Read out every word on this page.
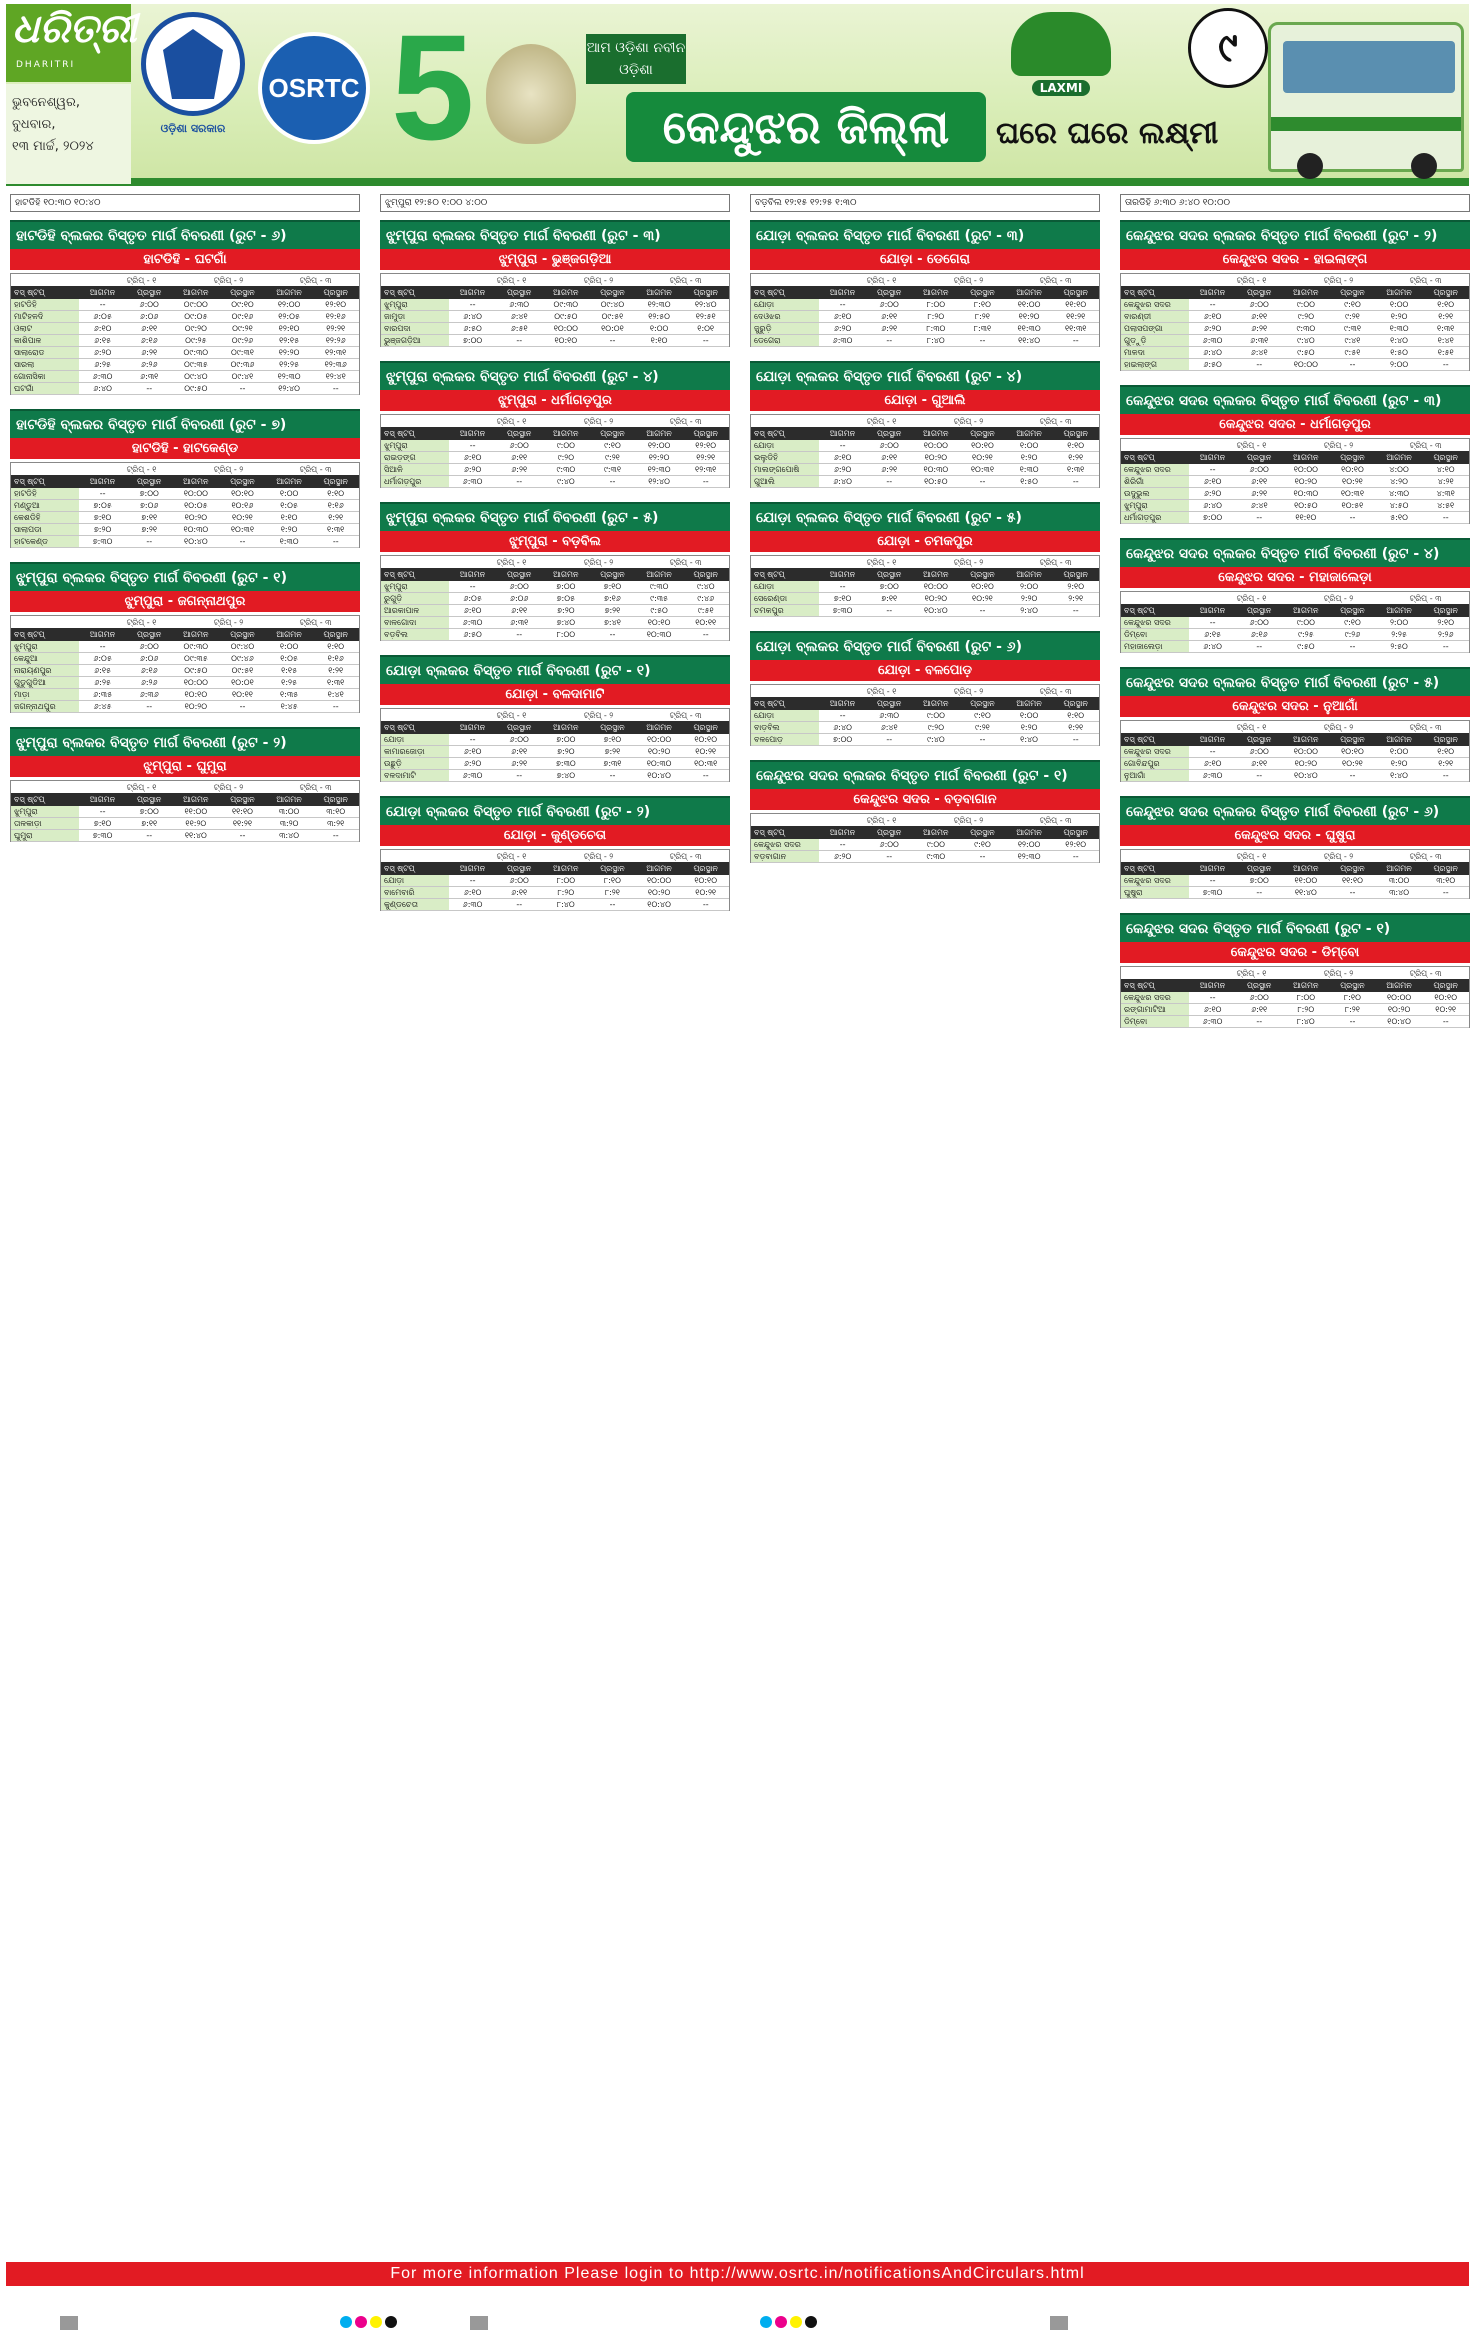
ଧରିତ୍ରୀ
DHARITRI
ଭୁବନେଶ୍ୱର, ବୁଧବାର,
୧୩ ମାର୍ଚ୍ଚ, ୨୦୨୪
ଓଡ଼ିଶା ସରକାର
OSRTC 5	ଆମ ଓଡ଼ିଶା ନବୀନ ଓଡ଼ିଶା
କେନ୍ଦୁଝର ଜିଲ୍ଲା
LAXMI
ଘରେ ଘରେ ଲକ୍ଷ୍ମୀ
୯
ହାଟଡିହି ୧୦:୩୦ ୧୦:୪୦
ହାଟଡିହି ବ୍ଲକର ବିସ୍ତୃତ ମାର୍ଗ ବିବରଣୀ (ରୁଟ - ୬)
ହାଟଡିହି - ଘଟଗାଁ
ଟ୍ରିପ୍ - ୧	ଟ୍ରିପ୍ - ୨	ଟ୍ରିପ୍ - ୩
ବସ୍ ଷ୍ଟପ୍	ଆଗମନ	ପ୍ରସ୍ଥାନ	ଆଗମନ	ପ୍ରସ୍ଥାନ	ଆଗମନ	ପ୍ରସ୍ଥାନ
ହାଟଡିହି	--	୬:୦୦	୦୯:୦୦	୦୯:୧୦	୧୨:୦୦	୧୨:୧୦
ମାଟିହଳଦି	୬:୦୫	୬:୦୬	୦୯:୦୫	୦୯:୧୬	୧୨:୦୫	୧୨:୧୬
ଓଲାଟ	୬:୧୦	୬:୧୧	୦୯:୨୦	୦୯:୨୧	୧୨:୧୦	୧୨:୨୧
କାଶିପାଳ	୬:୧୫	୬:୧୬	୦୯:୨୫	୦୯:୨୬	୧୨:୧୫	୧୨:୨୬
ସାଲାରୋଡ	୬:୨୦	୬:୨୧	୦୯:୩୦	୦୯:୩୧	୧୨:୨୦	୧୨:୩୧
ସାରଲା	୬:୨୫	୬:୨୬	୦୯:୩୫	୦୯:୩୬	୧୨:୨୫	୧୨:୩୬
ଗୋନାସିକା	୬:୩୦	୬:୩୧	୦୯:୪୦	୦୯:୪୧	୧୨:୩୦	୧୨:୪୧
ଘଟଗାଁ	୬:୪୦	--	୦୯:୫୦	--	୧୨:୪୦	--
ହାଟଡିହି ବ୍ଲକର ବିସ୍ତୃତ ମାର୍ଗ ବିବରଣୀ (ରୁଟ - ୭)
ହାଟଡିହି - ହାଟକେଣ୍ଡ
ଟ୍ରିପ୍ - ୧	ଟ୍ରିପ୍ - ୨	ଟ୍ରିପ୍ - ୩
ବସ୍ ଷ୍ଟପ୍	ଆଗମନ	ପ୍ରସ୍ଥାନ	ଆଗମନ	ପ୍ରସ୍ଥାନ	ଆଗମନ	ପ୍ରସ୍ଥାନ
ହାଟଡିହି	--	୭:୦୦	୧୦:୦୦	୧୦:୧୦	୧:୦୦	୧:୧୦
ମଣ୍ଡୁଆ	୭:୦୫	୭:୦୬	୧୦:୦୫	୧୦:୧୬	୧:୦୫	୧:୧୬
କେଶଡିହି	୭:୧୦	୭:୧୧	୧୦:୨୦	୧୦:୨୧	୧:୧୦	୧:୨୧
ସାଲାପଡା	୭:୨୦	୭:୨୧	୧୦:୩୦	୧୦:୩୧	୧:୨୦	୧:୩୧
ହାଟକେଣ୍ଡ	୭:୩୦	--	୧୦:୪୦	--	୧:୩୦	--
ଝୁମ୍ପୁରା ବ୍ଲକର ବିସ୍ତୃତ ମାର୍ଗ ବିବରଣୀ (ରୁଟ - ୧)
ଝୁମ୍ପୁରା - ଜଗନ୍ନାଥପୁର
ଟ୍ରିପ୍ - ୧	ଟ୍ରିପ୍ - ୨	ଟ୍ରିପ୍ - ୩
ବସ୍ ଷ୍ଟପ୍	ଆଗମନ	ପ୍ରସ୍ଥାନ	ଆଗମନ	ପ୍ରସ୍ଥାନ	ଆଗମନ	ପ୍ରସ୍ଥାନ
ଝୁମ୍ପୁରା	--	୬:୦୦	୦୯:୩୦	୦୯:୪୦	୧:୦୦	୧:୧୦
କେନ୍ଦୁଆ	୬:୦୫	୬:୦୬	୦୯:୩୫	୦୯:୪୬	୧:୦୫	୧:୧୬
ନାରାୟଣପୁର	୬:୧୫	୬:୧୬	୦୯:୫୦	୦୯:୫୧	୧:୧୫	୧:୨୧
ଗୁଡୁଗୁଡିଆ	୬:୨୫	୬:୨୬	୧୦:୦୦	୧୦:୦୧	୧:୨୫	୧:୩୧
ମାଡ଼ା	୬:୩୫	୬:୩୬	୧୦:୧୦	୧୦:୧୧	୧:୩୫	୧:୪୧
ଜଗନ୍ନାଥପୁର	୬:୪୫	--	୧୦:୨୦	--	୧:୪୫	--
ଝୁମ୍ପୁରା ବ୍ଲକର ବିସ୍ତୃତ ମାର୍ଗ ବିବରଣୀ (ରୁଟ - ୨)
ଝୁମ୍ପୁରା - ଘୁମୁରା
ଟ୍ରିପ୍ - ୧	ଟ୍ରିପ୍ - ୨	ଟ୍ରିପ୍ - ୩
ବସ୍ ଷ୍ଟପ୍	ଆଗମନ	ପ୍ରସ୍ଥାନ	ଆଗମନ	ପ୍ରସ୍ଥାନ	ଆଗମନ	ପ୍ରସ୍ଥାନ
ଝୁମ୍ପୁରା	--	୭:୦୦	୧୧:୦୦	୧୧:୧୦	୩:୦୦	୩:୧୦
ତାଳକାଡ଼ା	୭:୧୦	୭:୧୧	୧୧:୨୦	୧୧:୨୧	୩:୨୦	୩:୨୧
ଘୁମୁରା	୭:୩୦	--	୧୧:୪୦	--	୩:୪୦	--
ଝୁମ୍ପୁରା ୧୨:୫୦ ୧:୦୦ ୪:୦୦
ଝୁମ୍ପୁରା ବ୍ଲକର ବିସ୍ତୃତ ମାର୍ଗ ବିବରଣୀ (ରୁଟ - ୩)
ଝୁମ୍ପୁରା - ଭୁଞ୍ଜଗଡ଼ିଆ
ଟ୍ରିପ୍ - ୧	ଟ୍ରିପ୍ - ୨	ଟ୍ରିପ୍ - ୩
ବସ୍ ଷ୍ଟପ୍	ଆଗମନ	ପ୍ରସ୍ଥାନ	ଆଗମନ	ପ୍ରସ୍ଥାନ	ଆଗମନ	ପ୍ରସ୍ଥାନ
ଝୁମ୍ପୁରା	--	୬:୩୦	୦୯:୩୦	୦୯:୪୦	୧୨:୩୦	୧୨:୪୦
ଜାମୁଡ଼ା	୬:୪୦	୬:୪୧	୦୯:୫୦	୦୯:୫୧	୧୨:୫୦	୧୨:୫୧
ବାରପଦା	୬:୫୦	୬:୫୧	୧୦:୦୦	୧୦:୦୧	୧:୦୦	୧:୦୧
ଭୁଞ୍ଜଗଡ଼ିଆ	୭:୦୦	--	୧୦:୧୦	--	୧:୧୦	--
ଝୁମ୍ପୁରା ବ୍ଲକର ବିସ୍ତୃତ ମାର୍ଗ ବିବରଣୀ (ରୁଟ - ୪)
ଝୁମ୍ପୁରା - ଧର୍ମାଗଡ଼ପୁର
ଟ୍ରିପ୍ - ୧	ଟ୍ରିପ୍ - ୨	ଟ୍ରିପ୍ - ୩
ବସ୍ ଷ୍ଟପ୍	ଆଗମନ	ପ୍ରସ୍ଥାନ	ଆଗମନ	ପ୍ରସ୍ଥାନ	ଆଗମନ	ପ୍ରସ୍ଥାନ
ଝୁମ୍ପୁରା	--	୬:୦୦	୯:୦୦	୯:୧୦	୧୨:୦୦	୧୨:୧୦
ରାଇଡ଼ଙ୍ଗ	୬:୧୦	୬:୧୧	୯:୨୦	୯:୨୧	୧୨:୨୦	୧୨:୨୧
ସିଆଳି	୬:୨୦	୬:୨୧	୯:୩୦	୯:୩୧	୧୨:୩୦	୧୨:୩୧
ଧର୍ମାଗଡ଼ପୁର	୬:୩୦	--	୯:୪୦	--	୧୨:୪୦	--
ଝୁମ୍ପୁରା ବ୍ଲକର ବିସ୍ତୃତ ମାର୍ଗ ବିବରଣୀ (ରୁଟ - ୫)
ଝୁମ୍ପୁରା - ବଡ଼ବିଲ
ଟ୍ରିପ୍ - ୧	ଟ୍ରିପ୍ - ୨	ଟ୍ରିପ୍ - ୩
ବସ୍ ଷ୍ଟପ୍	ଆଗମନ	ପ୍ରସ୍ଥାନ	ଆଗମନ	ପ୍ରସ୍ଥାନ	ଆଗମନ	ପ୍ରସ୍ଥାନ
ଝୁମ୍ପୁରା	--	୬:୦୦	୭:୦୦	୭:୧୦	୯:୩୦	୯:୪୦
ରୁଗୁଡ଼ି	୬:୦୫	୬:୦୬	୭:୦୫	୭:୧୬	୯:୩୫	୯:୪୬
ଆରକାପାଳ	୬:୧୦	୬:୧୧	୭:୨୦	୭:୨୧	୯:୫୦	୯:୫୧
ବାଳଗୋଦା	୬:୩୦	୬:୩୧	୭:୪୦	୭:୪୧	୧୦:୧୦	୧୦:୧୧
ବଡ଼ବିଲ	୬:୫୦	--	୮:୦୦	--	୧୦:୩୦	--
ଯୋଡ଼ା ବ୍ଲକର ବିସ୍ତୃତ ମାର୍ଗ ବିବରଣୀ (ରୁଟ - ୧)
ଯୋଡ଼ା - ବଳଦାମାଟି
ଟ୍ରିପ୍ - ୧	ଟ୍ରିପ୍ - ୨	ଟ୍ରିପ୍ - ୩
ବସ୍ ଷ୍ଟପ୍	ଆଗମନ	ପ୍ରସ୍ଥାନ	ଆଗମନ	ପ୍ରସ୍ଥାନ	ଆଗମନ	ପ୍ରସ୍ଥାନ
ଯୋଡ଼ା	--	୬:୦୦	୭:୦୦	୭:୧୦	୧୦:୦୦	୧୦:୧୦
କାମାରଜୋଡ଼ା	୬:୧୦	୬:୧୧	୭:୨୦	୭:୨୧	୧୦:୨୦	୧୦:୨୧
ଉଛୁଡ଼ି	୬:୨୦	୬:୨୧	୭:୩୦	୭:୩୧	୧୦:୩୦	୧୦:୩୧
ବଳଦାମାଟି	୬:୩୦	--	୭:୪୦	--	୧୦:୪୦	--
ଯୋଡ଼ା ବ୍ଲକର ବିସ୍ତୃତ ମାର୍ଗ ବିବରଣୀ (ରୁଟ - ୨)
ଯୋଡ଼ା - କୁଣ୍ଡଚେତା
ଟ୍ରିପ୍ - ୧	ଟ୍ରିପ୍ - ୨	ଟ୍ରିପ୍ - ୩
ବସ୍ ଷ୍ଟପ୍	ଆଗମନ	ପ୍ରସ୍ଥାନ	ଆଗମନ	ପ୍ରସ୍ଥାନ	ଆଗମନ	ପ୍ରସ୍ଥାନ
ଯୋଡ଼ା	--	୬:୦୦	୮:୦୦	୮:୧୦	୧୦:୦୦	୧୦:୧୦
ବାମେବାରି	୬:୧୦	୬:୧୧	୮:୨୦	୮:୨୧	୧୦:୨୦	୧୦:୨୧
କୁଣ୍ଡଚେତା	୬:୩୦	--	୮:୪୦	--	୧୦:୪୦	--
ବଡ଼ବିଲ ୧୨:୧୫ ୧୨:୨୫ ୧:୩୦
ଯୋଡ଼ା ବ୍ଲକର ବିସ୍ତୃତ ମାର୍ଗ ବିବରଣୀ (ରୁଟ - ୩)
ଯୋଡ଼ା - ଡେଗେରା
ଟ୍ରିପ୍ - ୧	ଟ୍ରିପ୍ - ୨	ଟ୍ରିପ୍ - ୩
ବସ୍ ଷ୍ଟପ୍	ଆଗମନ	ପ୍ରସ୍ଥାନ	ଆଗମନ	ପ୍ରସ୍ଥାନ	ଆଗମନ	ପ୍ରସ୍ଥାନ
ଯୋଡ଼ା	--	୬:୦୦	୮:୦୦	୮:୧୦	୧୧:୦୦	୧୧:୧୦
ଦେଓଝର	୬:୧୦	୬:୧୧	୮:୨୦	୮:୨୧	୧୧:୨୦	୧୧:୨୧
ଜୁରୁଡ଼ି	୬:୨୦	୬:୨୧	୮:୩୦	୮:୩୧	୧୧:୩୦	୧୧:୩୧
ଡେଗେରା	୬:୩୦	--	୮:୪୦	--	୧୧:୪୦	--
ଯୋଡ଼ା ବ୍ଲକର ବିସ୍ତୃତ ମାର୍ଗ ବିବରଣୀ (ରୁଟ - ୪)
ଯୋଡ଼ା - ଗୁଆଲି
ଟ୍ରିପ୍ - ୧	ଟ୍ରିପ୍ - ୨	ଟ୍ରିପ୍ - ୩
ବସ୍ ଷ୍ଟପ୍	ଆଗମନ	ପ୍ରସ୍ଥାନ	ଆଗମନ	ପ୍ରସ୍ଥାନ	ଆଗମନ	ପ୍ରସ୍ଥାନ
ଯୋଡ଼ା	--	୬:୦୦	୧୦:୦୦	୧୦:୧୦	୧:୦୦	୧:୧୦
ଭଲୁଡିହି	୬:୧୦	୬:୧୧	୧୦:୨୦	୧୦:୨୧	୧:୨୦	୧:୨୧
ମାଲଙ୍ଗପୋଷି	୬:୨୦	୬:୨୧	୧୦:୩୦	୧୦:୩୧	୧:୩୦	୧:୩୧
ଗୁଆଲି	୬:୪୦	--	୧୦:୫୦	--	୧:୫୦	--
ଯୋଡ଼ା ବ୍ଲକର ବିସ୍ତୃତ ମାର୍ଗ ବିବରଣୀ (ରୁଟ - ୫)
ଯୋଡ଼ା - ଚମକପୁର
ଟ୍ରିପ୍ - ୧	ଟ୍ରିପ୍ - ୨	ଟ୍ରିପ୍ - ୩
ବସ୍ ଷ୍ଟପ୍	ଆଗମନ	ପ୍ରସ୍ଥାନ	ଆଗମନ	ପ୍ରସ୍ଥାନ	ଆଗମନ	ପ୍ରସ୍ଥାନ
ଯୋଡ଼ା	--	୭:୦୦	୧୦:୦୦	୧୦:୧୦	୨:୦୦	୨:୧୦
ସେରେଣ୍ଡା	୭:୧୦	୭:୧୧	୧୦:୨୦	୧୦:୨୧	୨:୨୦	୨:୨୧
ଚମକପୁର	୭:୩୦	--	୧୦:୪୦	--	୨:୪୦	--
ଯୋଡ଼ା ବ୍ଲକର ବିସ୍ତୃତ ମାର୍ଗ ବିବରଣୀ (ରୁଟ - ୬)
ଯୋଡ଼ା - ବଳପୋଡ଼
ଟ୍ରିପ୍ - ୧	ଟ୍ରିପ୍ - ୨	ଟ୍ରିପ୍ - ୩
ବସ୍ ଷ୍ଟପ୍	ଆଗମନ	ପ୍ରସ୍ଥାନ	ଆଗମନ	ପ୍ରସ୍ଥାନ	ଆଗମନ	ପ୍ରସ୍ଥାନ
ଯୋଡ଼ା	--	୬:୩୦	୯:୦୦	୯:୧୦	୧:୦୦	୧:୧୦
ବାଡ଼ବିଲ	୬:୪୦	୬:୪୧	୯:୨୦	୯:୨୧	୧:୨୦	୧:୨୧
ବଳପୋଡ଼	୭:୦୦	--	୯:୪୦	--	୧:୪୦	--
କେନ୍ଦୁଝର ସଦର ବ୍ଲକର ବିସ୍ତୃତ ମାର୍ଗ ବିବରଣୀ (ରୁଟ - ୧)
କେନ୍ଦୁଝର ସଦର - ବଡ଼ବାଗାନ
ଟ୍ରିପ୍ - ୧	ଟ୍ରିପ୍ - ୨	ଟ୍ରିପ୍ - ୩
ବସ୍ ଷ୍ଟପ୍	ଆଗମନ	ପ୍ରସ୍ଥାନ	ଆଗମନ	ପ୍ରସ୍ଥାନ	ଆଗମନ	ପ୍ରସ୍ଥାନ
କେନ୍ଦୁଝର ସଦର	--	୬:୦୦	୯:୦୦	୯:୧୦	୧୨:୦୦	୧୨:୧୦
ବଡ଼ବାଗାନ	୬:୨୦	--	୯:୩୦	--	୧୨:୩୦	--
ତାରଡିହି ୬:୩୦ ୬:୪୦ ୧୦:୦୦
କେନ୍ଦୁଝର ସଦର ବ୍ଲକର ବିସ୍ତୃତ ମାର୍ଗ ବିବରଣୀ (ରୁଟ - ୨)
କେନ୍ଦୁଝର ସଦର - ହାଇଲାଙ୍ଗ
ଟ୍ରିପ୍ - ୧	ଟ୍ରିପ୍ - ୨	ଟ୍ରିପ୍ - ୩
ବସ୍ ଷ୍ଟପ୍	ଆଗମନ	ପ୍ରସ୍ଥାନ	ଆଗମନ	ପ୍ରସ୍ଥାନ	ଆଗମନ	ପ୍ରସ୍ଥାନ
କେନ୍ଦୁଝର ସଦର	--	୬:୦୦	୯:୦୦	୯:୧୦	୧:୦୦	୧:୧୦
ବାରଣ୍ଡୀ	୬:୧୦	୬:୧୧	୯:୨୦	୯:୨୧	୧:୨୦	୧:୨୧
ପଲାସପଙ୍ଗା	୬:୨୦	୬:୨୧	୯:୩୦	୯:୩୧	୧:୩୦	୧:୩୧
ଗୁଡ଼ୁଡ଼ି	୬:୩୦	୬:୩୧	୯:୪୦	୯:୪୧	୧:୪୦	୧:୪୧
ମାଳଦା	୬:୪୦	୬:୪୧	୯:୫୦	୯:୫୧	୧:୫୦	୧:୫୧
ହାଇଲାଙ୍ଗ	୬:୫୦	--	୧୦:୦୦	--	୨:୦୦	--
କେନ୍ଦୁଝର ସଦର ବ୍ଲକର ବିସ୍ତୃତ ମାର୍ଗ ବିବରଣୀ (ରୁଟ - ୩)
କେନ୍ଦୁଝର ସଦର - ଧର୍ମାଗଡ଼ପୁର
ଟ୍ରିପ୍ - ୧	ଟ୍ରିପ୍ - ୨	ଟ୍ରିପ୍ - ୩
ବସ୍ ଷ୍ଟପ୍	ଆଗମନ	ପ୍ରସ୍ଥାନ	ଆଗମନ	ପ୍ରସ୍ଥାନ	ଆଗମନ	ପ୍ରସ୍ଥାନ
କେନ୍ଦୁଝର ସଦର	--	୬:୦୦	୧୦:୦୦	୧୦:୧୦	୪:୦୦	୪:୧୦
ଶିରିଗାଁ	୬:୧୦	୬:୧୧	୧୦:୨୦	୧୦:୨୧	୪:୨୦	୪:୨୧
ଉଦୁଭୁଲ	୬:୨୦	୬:୨୧	୧୦:୩୦	୧୦:୩୧	୪:୩୦	୪:୩୧
ଝୁମ୍ପୁରା	୬:୪୦	୬:୪୧	୧୦:୫୦	୧୦:୫୧	୪:୫୦	୪:୫୧
ଧର୍ମାଗଡ଼ପୁର	୭:୦୦	--	୧୧:୧୦	--	୫:୧୦	--
କେନ୍ଦୁଝର ସଦର ବ୍ଲକର ବିସ୍ତୃତ ମାର୍ଗ ବିବରଣୀ (ରୁଟ - ୪)
କେନ୍ଦୁଝର ସଦର - ମହାଜାଲେଡ଼ା
ଟ୍ରିପ୍ - ୧	ଟ୍ରିପ୍ - ୨	ଟ୍ରିପ୍ - ୩
ବସ୍ ଷ୍ଟପ୍	ଆଗମନ	ପ୍ରସ୍ଥାନ	ଆଗମନ	ପ୍ରସ୍ଥାନ	ଆଗମନ	ପ୍ରସ୍ଥାନ
କେନ୍ଦୁଝର ସଦର	--	୬:୦୦	୯:୦୦	୯:୧୦	୨:୦୦	୨:୧୦
ଡିମ୍ବୋ	୬:୧୫	୬:୧୬	୯:୨୫	୯:୨୬	୨:୨୫	୨:୨୬
ମହାଜାଲେଡ଼ା	୬:୪୦	--	୯:୫୦	--	୨:୫୦	--
କେନ୍ଦୁଝର ସଦର ବ୍ଲକର ବିସ୍ତୃତ ମାର୍ଗ ବିବରଣୀ (ରୁଟ - ୫)
କେନ୍ଦୁଝର ସଦର - ନୁଆଗାଁ
ଟ୍ରିପ୍ - ୧	ଟ୍ରିପ୍ - ୨	ଟ୍ରିପ୍ - ୩
ବସ୍ ଷ୍ଟପ୍	ଆଗମନ	ପ୍ରସ୍ଥାନ	ଆଗମନ	ପ୍ରସ୍ଥାନ	ଆଗମନ	ପ୍ରସ୍ଥାନ
କେନ୍ଦୁଝର ସଦର	--	୬:୦୦	୧୦:୦୦	୧୦:୧୦	୧:୦୦	୧:୧୦
ଗୋବିନ୍ଦପୁର	୬:୧୦	୬:୧୧	୧୦:୨୦	୧୦:୨୧	୧:୨୦	୧:୨୧
ନୁଆଗାଁ	୬:୩୦	--	୧୦:୪୦	--	୧:୪୦	--
କେନ୍ଦୁଝର ସଦର ବ୍ଲକର ବିସ୍ତୃତ ମାର୍ଗ ବିବରଣୀ (ରୁଟ - ୬)
କେନ୍ଦୁଝର ସଦର - ଘୁଷୁରା
ଟ୍ରିପ୍ - ୧	ଟ୍ରିପ୍ - ୨	ଟ୍ରିପ୍ - ୩
ବସ୍ ଷ୍ଟପ୍	ଆଗମନ	ପ୍ରସ୍ଥାନ	ଆଗମନ	ପ୍ରସ୍ଥାନ	ଆଗମନ	ପ୍ରସ୍ଥାନ
କେନ୍ଦୁଝର ସଦର	--	୭:୦୦	୧୧:୦୦	୧୧:୧୦	୩:୦୦	୩:୧୦
ଘୁଷୁରା	୭:୩୦	--	୧୧:୪୦	--	୩:୪୦	--
କେନ୍ଦୁଝର ସଦର ବିସ୍ତୃତ ମାର୍ଗ ବିବରଣୀ (ରୁଟ - ୧)
କେନ୍ଦୁଝର ସଦର - ଡିମ୍ବୋ
ଟ୍ରିପ୍ - ୧	ଟ୍ରିପ୍ - ୨	ଟ୍ରିପ୍ - ୩
ବସ୍ ଷ୍ଟପ୍	ଆଗମନ	ପ୍ରସ୍ଥାନ	ଆଗମନ	ପ୍ରସ୍ଥାନ	ଆଗମନ	ପ୍ରସ୍ଥାନ
କେନ୍ଦୁଝର ସଦର	--	୬:୦୦	୮:୦୦	୮:୧୦	୧୦:୦୦	୧୦:୧୦
ରଙ୍ଗାମାଟିଆ	୬:୧୦	୬:୧୧	୮:୨୦	୮:୨୧	୧୦:୨୦	୧୦:୨୧
ଡିମ୍ବୋ	୬:୩୦	--	୮:୪୦	--	୧୦:୪୦	--
For more information Please login to http://www.osrtc.in/notificationsAndCirculars.html
